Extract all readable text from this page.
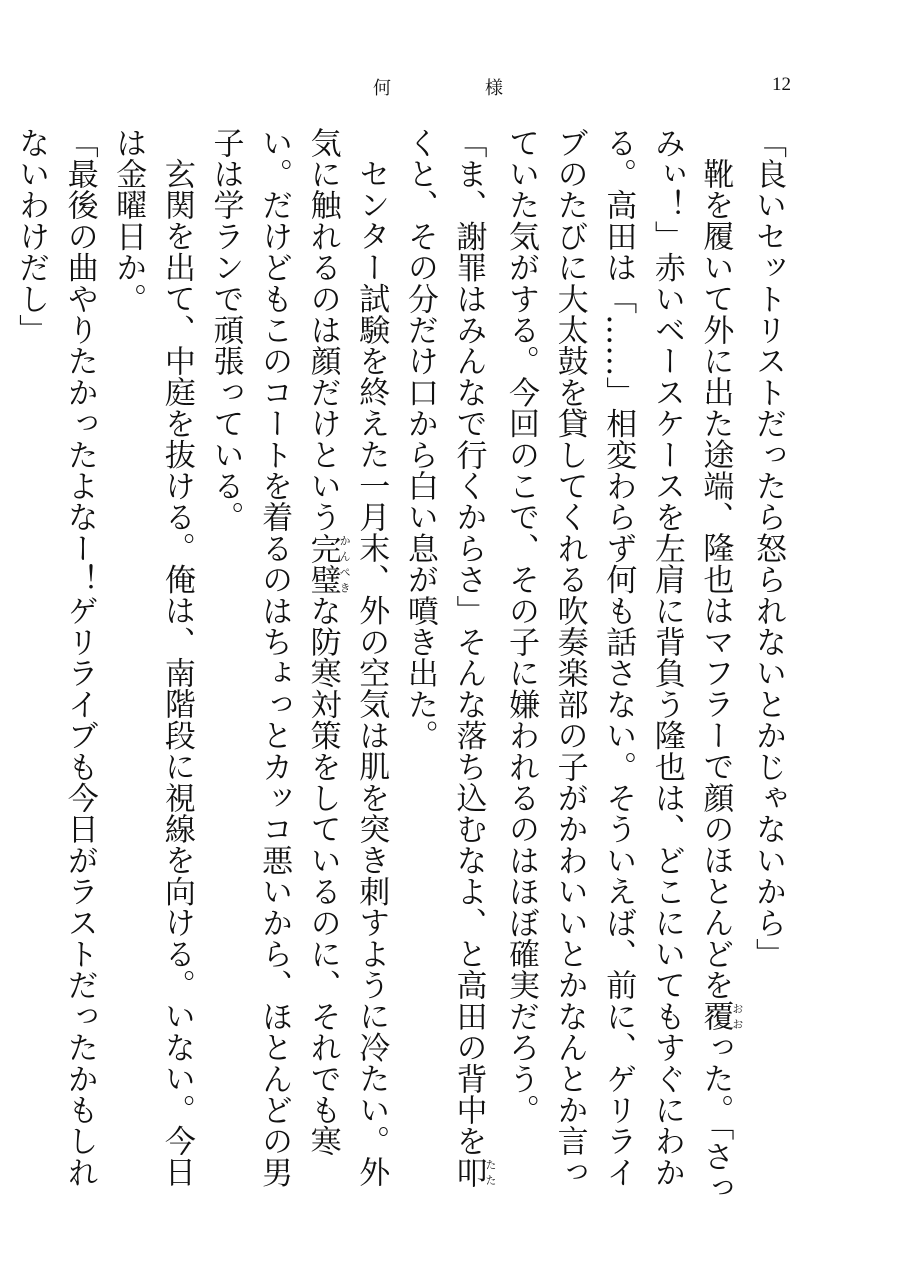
何様	12

「良いセットリストだったら怒られないとかじゃないから」

靴を履いて外に出た途端、隆也はマフラーで顔のほとんどを覆おおった。「さっみぃ！」赤いベースケースを左肩に背負う隆也は、どこにいてもすぐにわかる。高田は「……」相変わらず何も話さない。そういえば、前に、ゲリライブのたびに大太鼓を貸してくれる吹奏楽部の子がかわいいとかなんとか言っていた気がする。今回のこで、その子に嫌われるのはほぼ確実だろう。

「ま、謝罪はみんなで行くからさ」そんな落ち込むなよ、と高田の背中を叩たたくと、その分だけ口から白い息が噴き出た。

センター試験を終えた一月末、外の空気は肌を突き刺すように冷たい。外気に触れるのは顔だけという完璧かんぺきな防寒対策をしているのに、それでも寒い。だけどもこのコートを着るのはちょっとカッコ悪いから、ほとんどの男子は学ランで頑張っている。

玄関を出て、中庭を抜ける。俺は、南階段に視線を向ける。いない。今日は金曜日か。

「最後の曲やりたかったよなー！ゲリライブも今日がラストだったかもしれないわけだし」
